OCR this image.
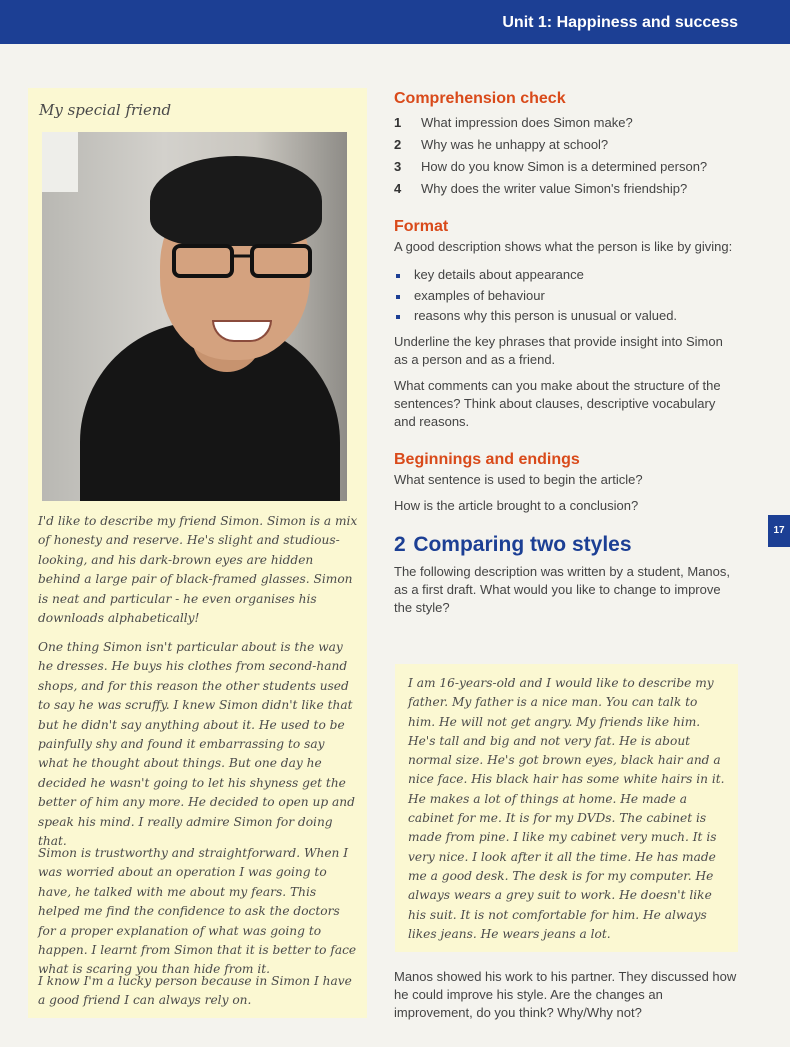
Unit 1: Happiness and success
17
My special friend

I'd like to describe my friend Simon. Simon is a mix of honesty and reserve. He's slight and studious-looking, and his dark-brown eyes are hidden behind a large pair of black-framed glasses. Simon is neat and particular - he even organises his downloads alphabetically!

One thing Simon isn't particular about is the way he dresses. He buys his clothes from second-hand shops, and for this reason the other students used to say he was scruffy. I knew Simon didn't like that but he didn't say anything about it. He used to be painfully shy and found it embarrassing to say what he thought about things. But one day he decided he wasn't going to let his shyness get the better of him any more. He decided to open up and speak his mind. I really admire Simon for doing that.

Simon is trustworthy and straightforward. When I was worried about an operation I was going to have, he talked with me about my fears. This helped me find the confidence to ask the doctors for a proper explanation of what was going to happen. I learnt from Simon that it is better to face what is scaring you than hide from it.

I know I'm a lucky person because in Simon I have a good friend I can always rely on.

Comprehension check
1	What impression does Simon make?
2	Why was he unhappy at school?
3	How do you know Simon is a determined person?
4	Why does the writer value Simon's friendship?
Format

A good description shows what the person is like by giving:

key details about appearance
examples of behaviour
reasons why this person is unusual or valued.

Underline the key phrases that provide insight into Simon as a person and as a friend.

What comments can you make about the structure of the sentences? Think about clauses, descriptive vocabulary and reasons.

Beginnings and endings

What sentence is used to begin the article?

How is the article brought to a conclusion?

2 Comparing two styles

The following description was written by a student, Manos, as a first draft. What would you like to change to improve the style?

I am 16-years-old and I would like to describe my father. My father is a nice man. You can talk to him. He will not get angry. My friends like him. He's tall and big and not very fat. He is about normal size. He's got brown eyes, black hair and a nice face. His black hair has some white hairs in it. He makes a lot of things at home. He made a cabinet for me. It is for my DVDs. The cabinet is made from pine. I like my cabinet very much. It is very nice. I look after it all the time. He has made me a good desk. The desk is for my computer. He always wears a grey suit to work. He doesn't like his suit. It is not comfortable for him. He always likes jeans. He wears jeans a lot.
Manos showed his work to his partner. They discussed how he could improve his style. Are the changes an improvement, do you think? Why/Why not?
